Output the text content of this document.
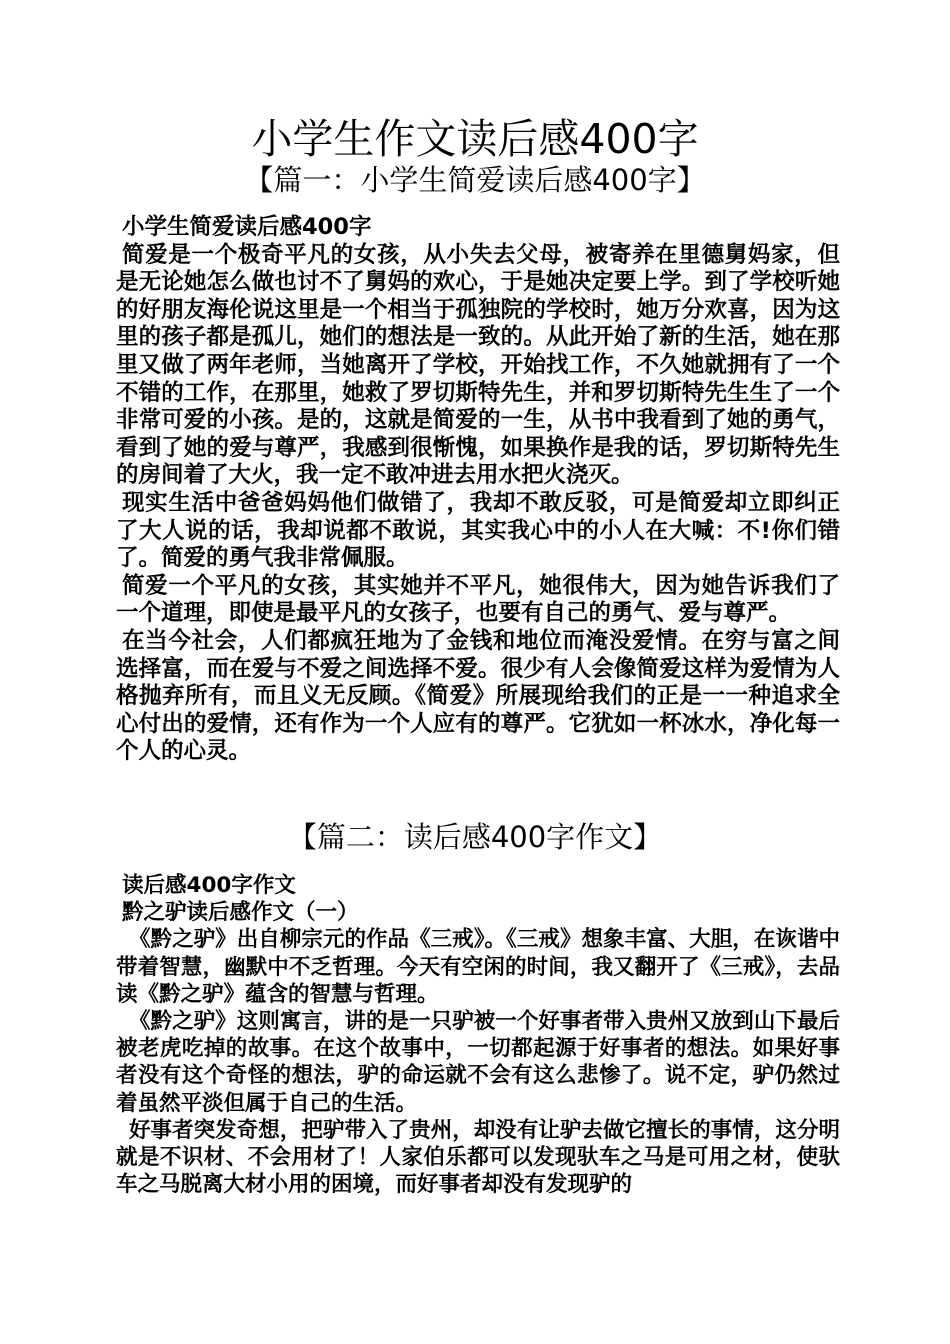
小学生作文读后感400字
【篇一：小学生简爱读后感400字】

小学生简爱读后感400字

简爱是一个极奇平凡的女孩，从小失去父母，被寄养在里德舅妈家，但是无论她怎么做也讨不了舅妈的欢心，于是她决定要上学。到了学校听她的好朋友海伦说这里是一个相当于孤独院的学校时，她万分欢喜，因为这里的孩子都是孤儿，她们的想法是一致的。从此开始了新的生活，她在那里又做了两年老师，当她离开了学校，开始找工作，不久她就拥有了一个不错的工作，在那里，她救了罗切斯特先生，并和罗切斯特先生生了一个非常可爱的小孩。是的，这就是简爱的一生，从书中我看到了她的勇气，看到了她的爱与尊严，我感到很惭愧，如果换作是我的话，罗切斯特先生的房间着了大火，我一定不敢冲进去用水把火浇灭。

现实生活中爸爸妈妈他们做错了，我却不敢反驳，可是简爱却立即纠正了大人说的话，我却说都不敢说，其实我心中的小人在大喊：不!你们错了。简爱的勇气我非常佩服。

简爱一个平凡的女孩，其实她并不平凡，她很伟大，因为她告诉我们了一个道理，即使是最平凡的女孩子，也要有自己的勇气、爱与尊严。

在当今社会，人们都疯狂地为了金钱和地位而淹没爱情。在穷与富之间选择富，而在爱与不爱之间选择不爱。很少有人会像简爱这样为爱情为人格抛弃所有，而且义无反顾。《简爱》所展现给我们的正是一一种追求全心付出的爱情，还有作为一个人应有的尊严。它犹如一杯冰水，净化每一个人的心灵。

【篇二：读后感400字作文】

读后感400字作文

黔之驴读后感作文（一）

《黔之驴》出自柳宗元的作品《三戒》。《三戒》想象丰富、大胆，在诙谐中带着智慧，幽默中不乏哲理。今天有空闲的时间，我又翻开了《三戒》，去品读《黔之驴》蕴含的智慧与哲理。

《黔之驴》这则寓言，讲的是一只驴被一个好事者带入贵州又放到山下最后被老虎吃掉的故事。在这个故事中，一切都起源于好事者的想法。如果好事者没有这个奇怪的想法，驴的命运就不会有这么悲惨了。说不定，驴仍然过着虽然平淡但属于自己的生活。

好事者突发奇想，把驴带入了贵州，却没有让驴去做它擅长的事情，这分明就是不识材、不会用材了！人家伯乐都可以发现驮车之马是可用之材，使驮车之马脱离大材小用的困境，而好事者却没有发现驴的
